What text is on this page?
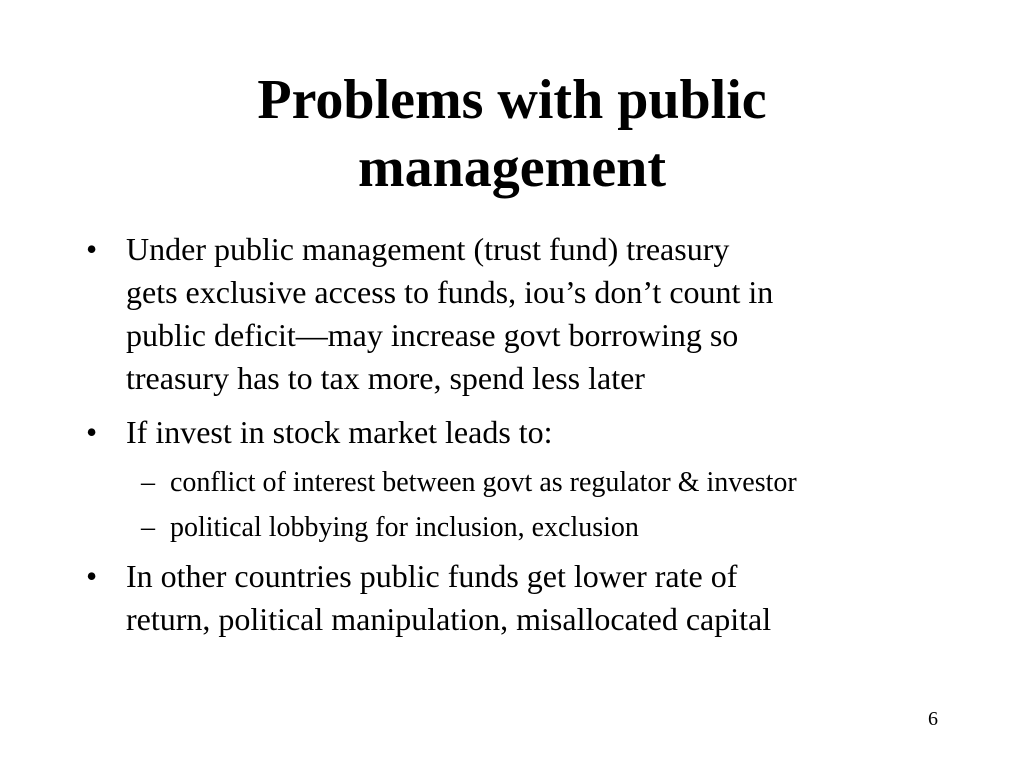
Problems with public
management
• Under public management (trust fund) treasury
gets exclusive access to funds, iou’s don’t count in
public deficit—may increase govt borrowing so
treasury has to tax more, spend less later
• If invest in stock market leads to:
– conflict of interest between govt as regulator & investor
– political lobbying for inclusion, exclusion
• In other countries public funds get lower rate of
return, political manipulation, misallocated capital
6
